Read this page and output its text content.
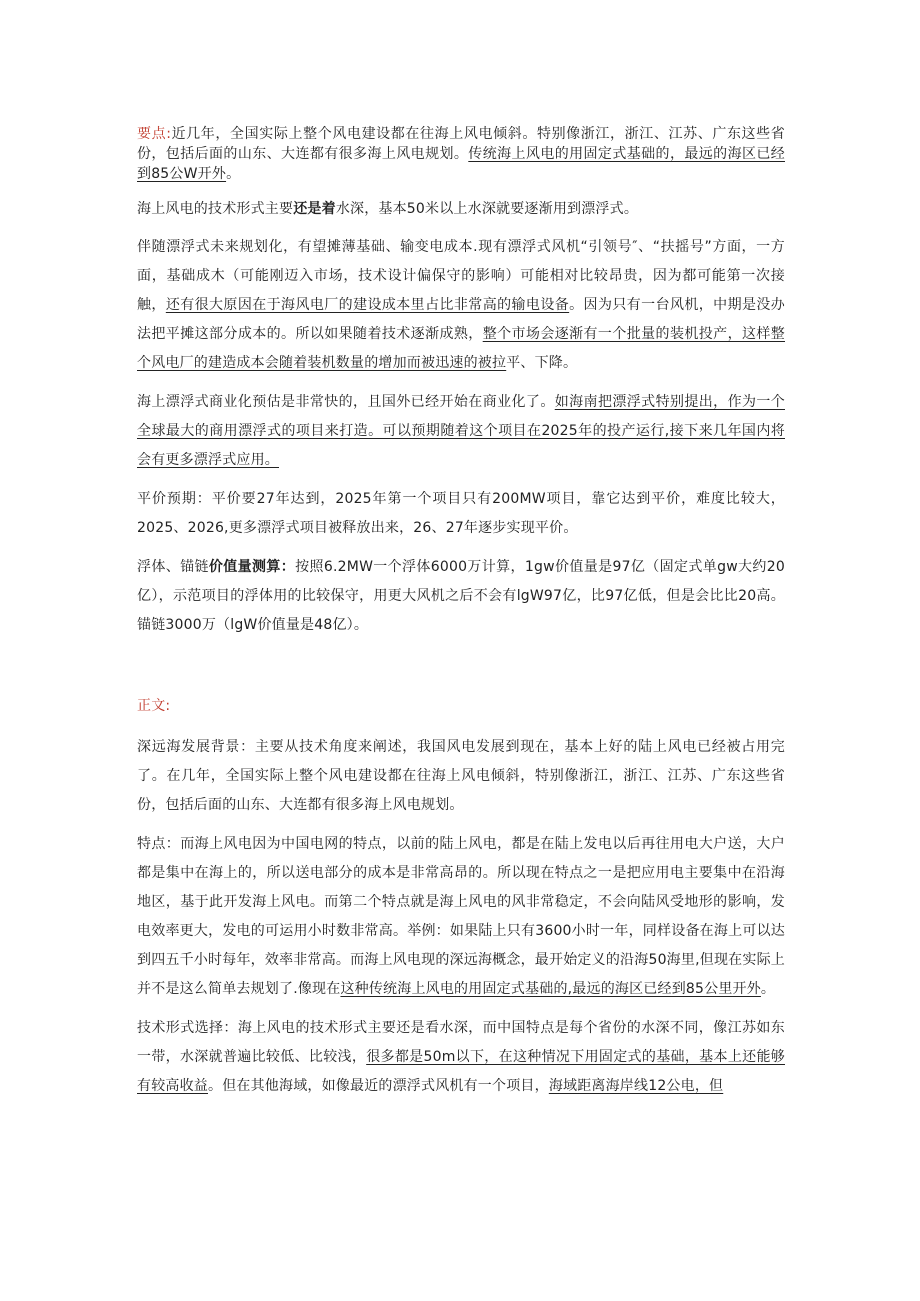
要点:近几年，全国实际上整个风电建设都在往海上风电倾斜。特别像浙江，浙江、江苏、广东这些省份，包括后面的山东、大连都有很多海上风电规划。传统海上风电的用固定式基础的，最远的海区已经到85公W开外。

海上风电的技术形式主要还是着水深，基本50米以上水深就要逐渐用到漂浮式。

伴随漂浮式未来规划化，有望摊薄基础、输变电成本.现有漂浮式风机“引领号″、“扶摇号”方面，一方面，基础成木（可能刚迈入市场，技术设计偏保守的影响）可能相对比较昂贵，因为都可能第一次接触，还有很大原因在于海风电厂的建设成本里占比非常高的输电设备。因为只有一台风机，中期是没办法把平摊这部分成本的。所以如果随着技术逐渐成熟，整个市场会逐渐有一个批量的装机投产，这样整个风电厂的建造成本会随着装机数量的增加而被迅速的被拉平、下降。

海上漂浮式商业化预估是非常快的，且国外已经开始在商业化了。如海南把漂浮式特别提出，作为一个全球最大的商用漂浮式的项目来打造。可以预期随着这个项目在2025年的投产运行,接下来几年国内将会有更多漂浮式应用。

平价预期：平价要27年达到，2025年第一个项目只有200MW项目，靠它达到平价，难度比较大，2025、2026,更多漂浮式项目被释放出来，26、27年逐步实现平价。

浮体、锚链价值量测算：按照6.2MW一个浮体6000万计算，1gw价值量是97亿（固定式单gw大约20亿），示范项目的浮体用的比较保守，用更大风机之后不会有lgW97亿，比97亿低，但是会比比20高。锚链3000万（lgW价值量是48亿）。

正文:

深远海发展背景：主要从技术角度来阐述，我国风电发展到现在，基本上好的陆上风电已经被占用完了。在几年，全国实际上整个风电建设都在往海上风电倾斜，特别像浙江，浙江、江苏、广东这些省份，包括后面的山东、大连都有很多海上风电规划。

特点：而海上风电因为中国电网的特点，以前的陆上风电，都是在陆上发电以后再往用电大户送，大户都是集中在海上的，所以送电部分的成本是非常高昂的。所以现在特点之一是把应用电主要集中在沿海地区，基于此开发海上风电。而第二个特点就是海上风电的风非常稳定，不会向陆风受地形的影响，发电效率更大，发电的可运用小时数非常高。举例：如果陆上只有3600小时一年，同样设备在海上可以达到四五千小时每年，效率非常高。而海上风电现的深远海概念，最开始定义的沿海50海里,但现在实际上并不是这么简单去规划了.像现在这种传统海上风电的用固定式基础的,最远的海区已经到85公里开外。

技术形式选择：海上风电的技术形式主要还是看水深，而中国特点是每个省份的水深不同，像江苏如东一带，水深就普遍比较低、比较浅，很多都是50m以下，在这种情况下用固定式的基础，基本上还能够有较高收益。但在其他海域，如像最近的漂浮式风机有一个项目，海域距离海岸线12公电，但
